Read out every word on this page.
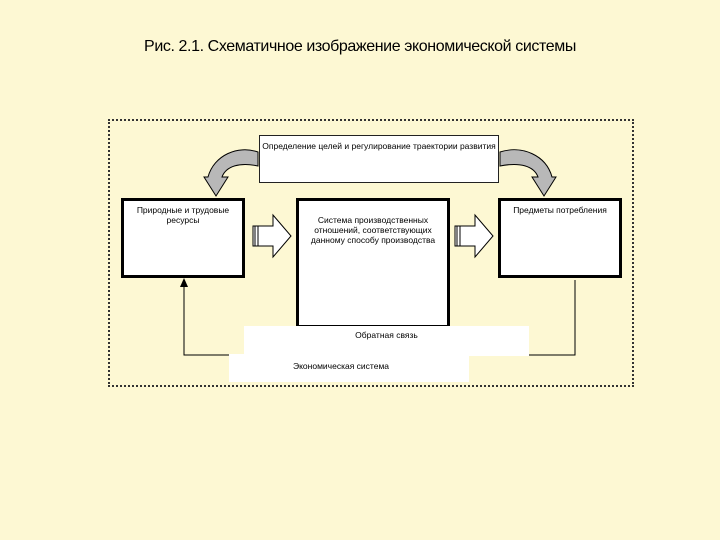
Рис. 2.1. Схематичное изображение экономической системы
Определение целей и регулирование траектории развития
Природные и трудовые ресурсы	Система производственных отношений, соответствующих данному способу производства
Предметы потребления
Обратная связь
Экономическая система
